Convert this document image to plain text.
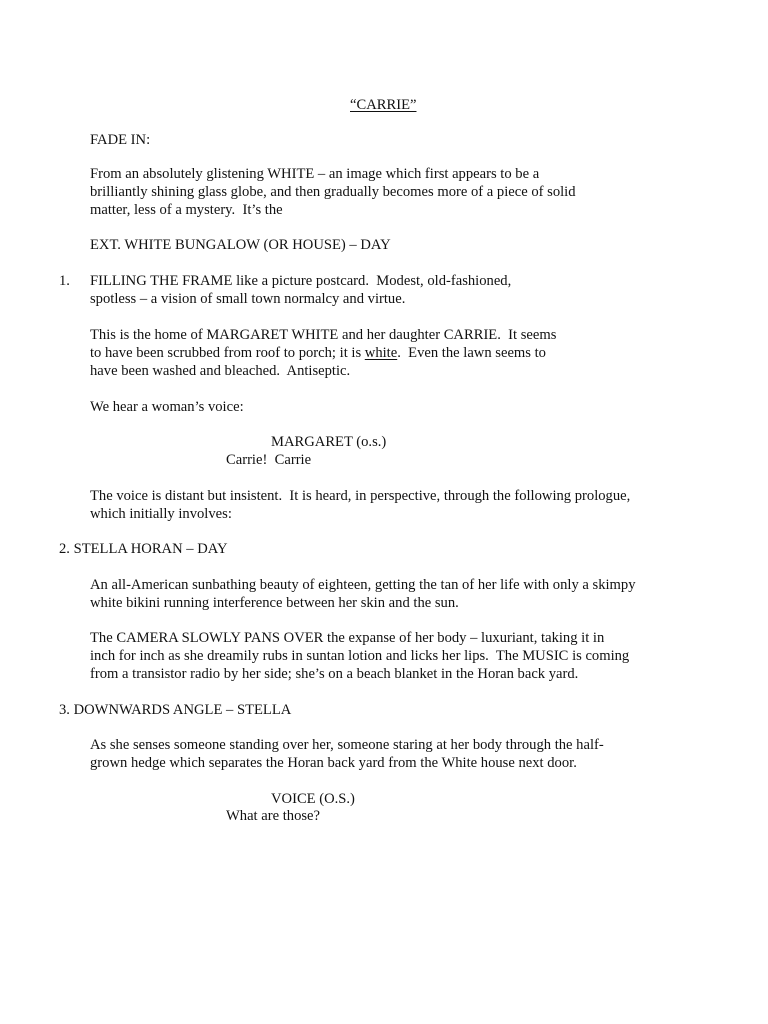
“CARRIE”
FADE IN:
From an absolutely glistening WHITE – an image which first appears to be a
brilliantly shining glass globe, and then gradually becomes more of a piece of solid
matter, less of a mystery.  It’s the
EXT. WHITE BUNGALOW (OR HOUSE) – DAY
1. FILLING THE FRAME like a picture postcard.  Modest, old-fashioned,
spotless – a vision of small town normalcy and virtue.
This is the home of MARGARET WHITE and her daughter CARRIE.  It seems
to have been scrubbed from roof to porch; it is white.  Even the lawn seems to
have been washed and bleached.  Antiseptic.
We hear a woman’s voice:
MARGARET (o.s.)
Carrie!  Carrie
The voice is distant but insistent.  It is heard, in perspective, through the following prologue,
which initially involves:
2. STELLA HORAN – DAY
An all-American sunbathing beauty of eighteen, getting the tan of her life with only a skimpy
white bikini running interference between her skin and the sun.
The CAMERA SLOWLY PANS OVER the expanse of her body – luxuriant, taking it in
inch for inch as she dreamily rubs in suntan lotion and licks her lips.  The MUSIC is coming
from a transistor radio by her side; she’s on a beach blanket in the Horan back yard.
3. DOWNWARDS ANGLE – STELLA
As she senses someone standing over her, someone staring at her body through the half-
grown hedge which separates the Horan back yard from the White house next door.
VOICE (O.S.)
What are those?
